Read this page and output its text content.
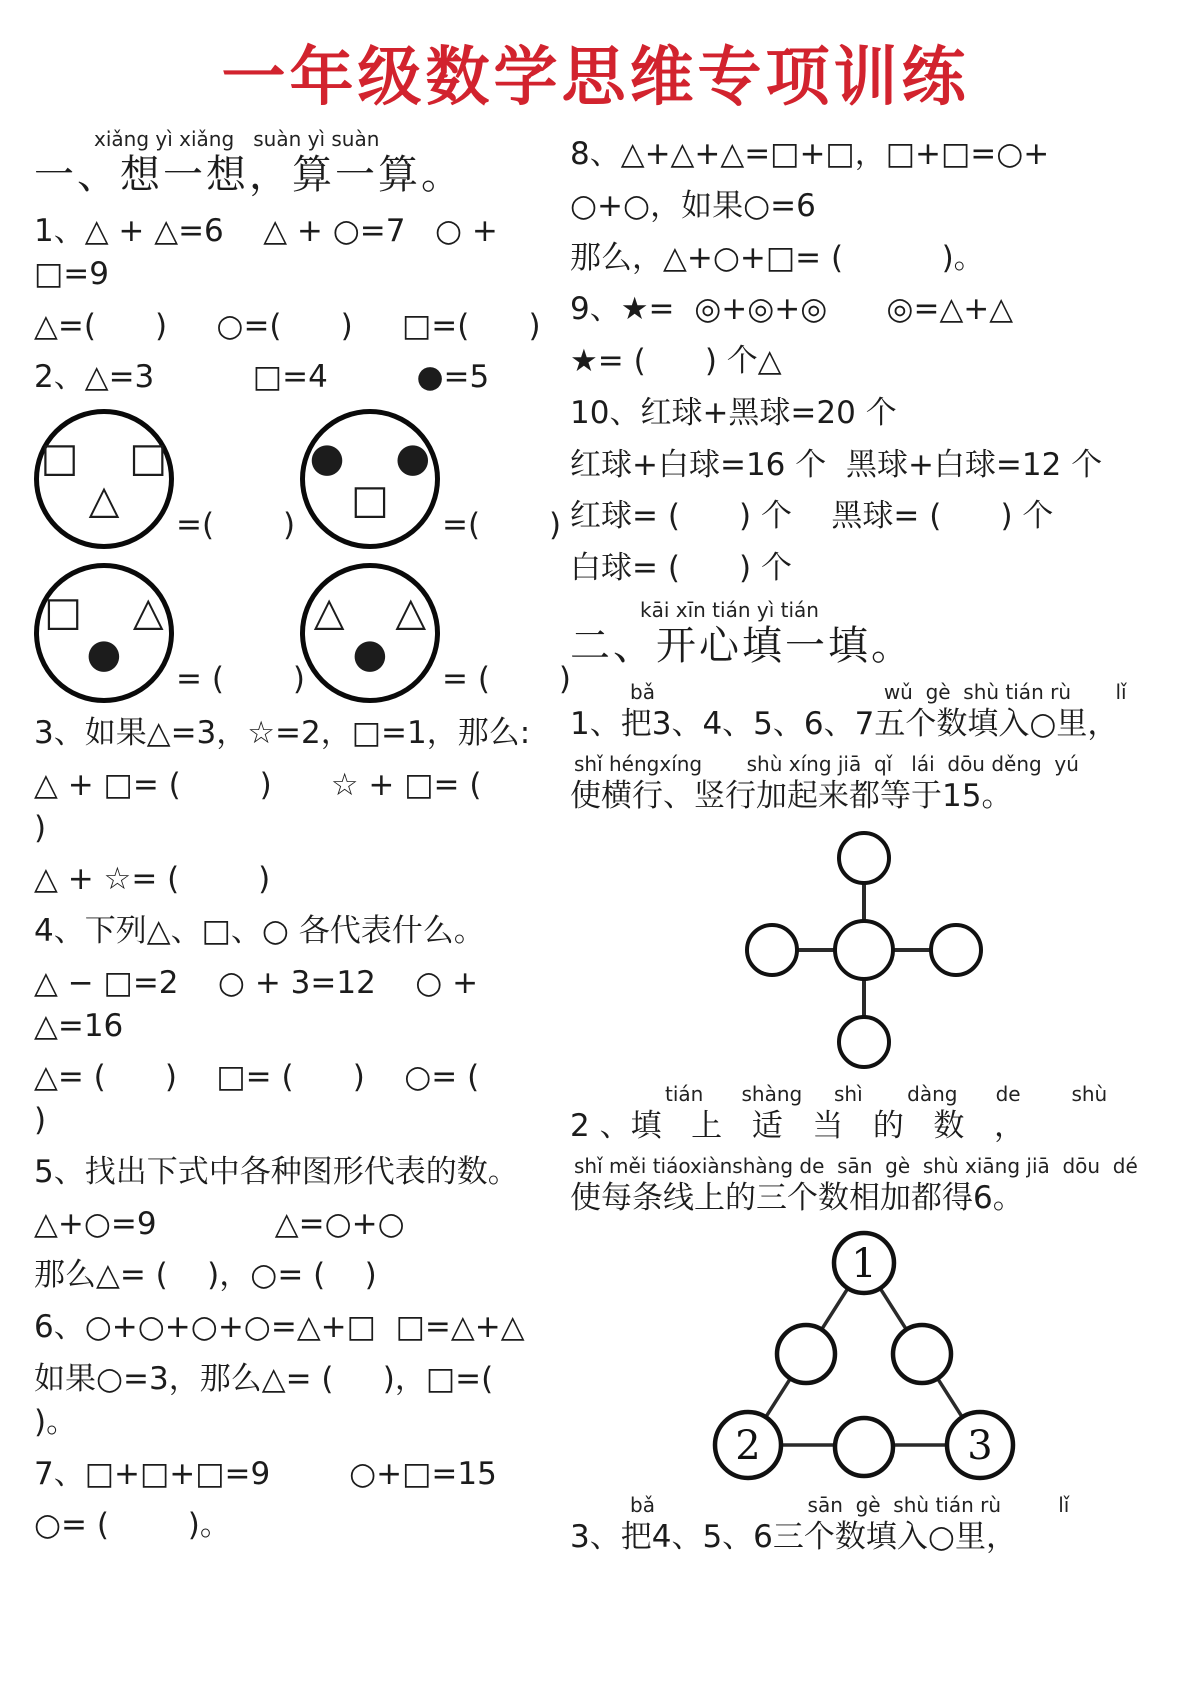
一年级数学思维专项训练
xiǎng yì xiǎng   suàn yì suàn
一、想一想，算一算。
1、△ + △=6    △ + ○=7   ○ + □=9
△=(      )     ○=(      )     □=(      )
2、△=3          □=4         ●=5
□    □
△
=(       )
●    ●
□
=(       )
□    △
●
= (       )
△    △
●
= (       )
3、如果△=3，☆=2，□=1，那么:
△ + □= (        )      ☆ + □= (        )
△ + ☆= (        )
4、下列△、□、○ 各代表什么。
△ − □=2    ○ + 3=12    ○ + △=16
△= (      )    □= (      )    ○= (      )
5、找出下式中各种图形代表的数。
△+○=9            △=○+○
那么△= (    )，○= (    )
6、○+○+○+○=△+□  □=△+△
如果○=3，那么△= (     )，□=(     )。
7、□+□+□=9        ○+□=15
○= (        )。
8、△+△+△=□+□，□+□=○+
○+○，如果○=6
那么，△+○+□= (          )。
9、★=  ◎+◎+◎      ◎=△+△
★= (      ) 个△
10、红球+黑球=20 个
红球+白球=16 个  黑球+白球=12 个
红球= (      ) 个    黑球= (      ) 个
白球= (      ) 个
kāi xīn tián yì tián
二、开心填一填。
bǎ                                    wǔ  gè  shù tián rù       lǐ
1、把3、4、5、6、7五个数填入○里，
shǐ héngxíng       shù xíng jiā  qǐ   lái  dōu děng  yú
使横行、竖行加起来都等于15。
tián      shàng     shì       dàng      de        shù
2 、填   上   适   当   的   数   ，
shǐ měi tiáoxiànshàng de  sān  gè  shù xiāng jiā  dōu  dé
使每条线上的三个数相加都得6。
1
2	3
bǎ                        sān  gè  shù tián rù         lǐ
3、把4、5、6三个数填入○里，
